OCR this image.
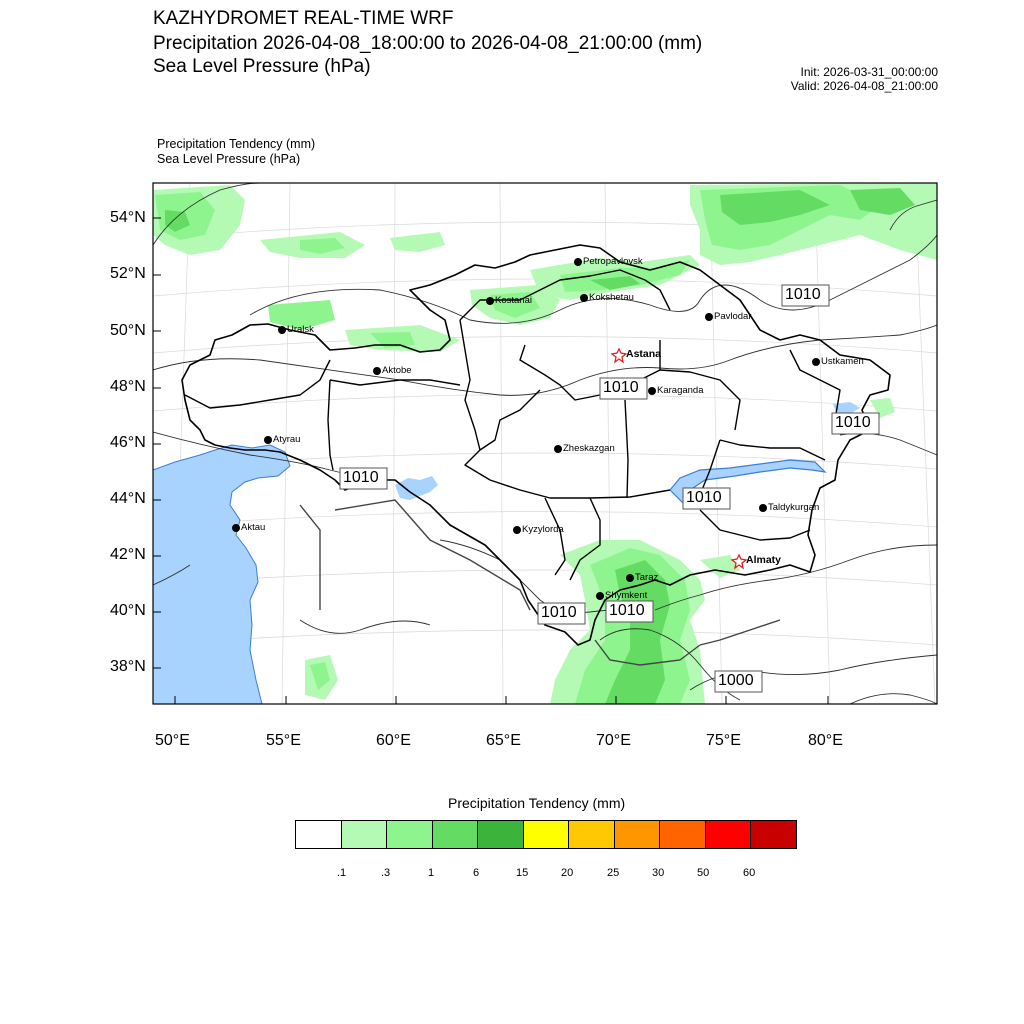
KAZHYDROMET REAL-TIME WRF
Precipitation 2026-04-08_18:00:00 to 2026-04-08_21:00:00 (mm)
Sea Level Pressure (hPa)	Init: 2026-03-31_00:00:00
Valid: 2026-04-08_21:00:00
Precipitation Tendency (mm)
Sea Level Pressure (hPa)
54°N
52°N
50°N
48°N
46°N
44°N
42°N
40°N
38°N
50°E	55°E	60°E	65°E	70°E	75°E	80°E
Petropavlovsk
Kostanai	Kokshetau
Uralsk
Pavlodar
Astana
Aktobe
Ustkamen
Karaganda
Atyrau
Zheskazgan
Taldykurgan
Aktau	Kyzylorda
Almaty
Taraz
Shymkent
1010
1010
1010
1010
1010
1010 1010
1000
Precipitation Tendency (mm)
.1	.3	1	6	15	20	25	30	50	60
